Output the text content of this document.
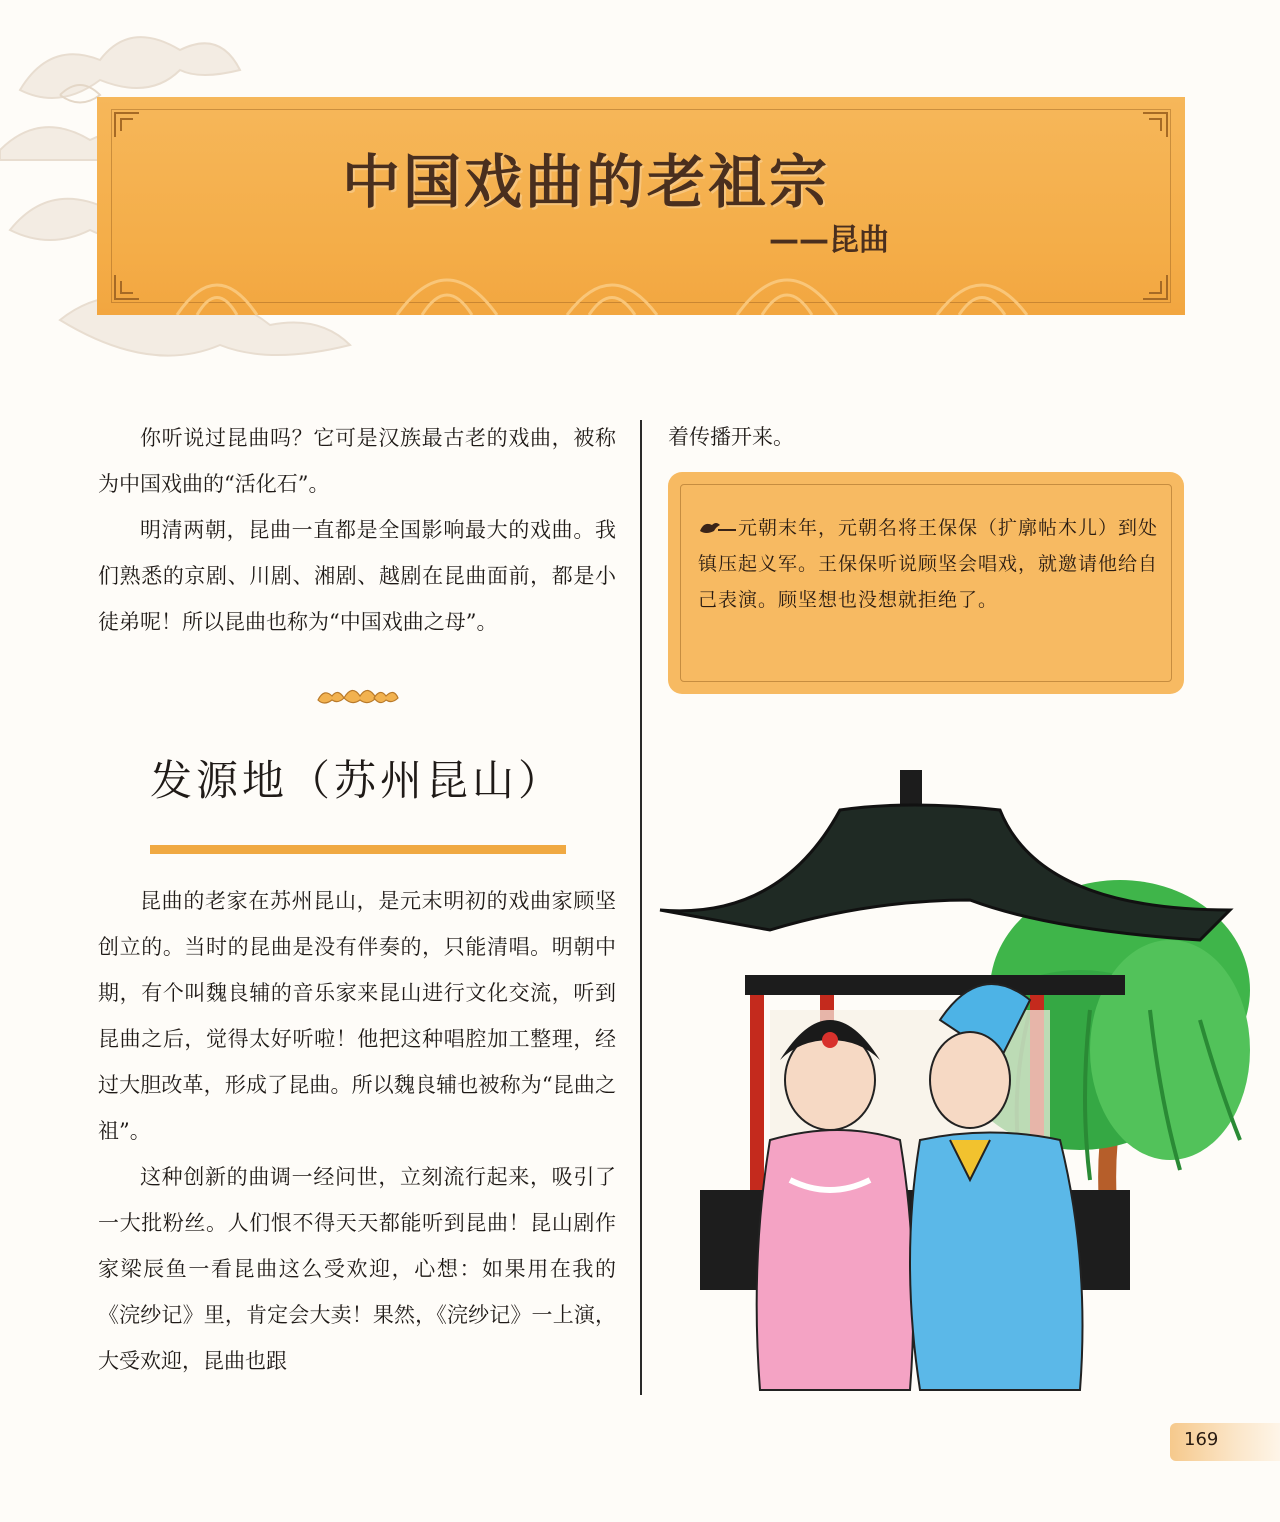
中国戏曲的老祖宗
——昆曲

你听说过昆曲吗？它可是汉族最古老的戏曲，被称为中国戏曲的“活化石”。

明清两朝，昆曲一直都是全国影响最大的戏曲。我们熟悉的京剧、川剧、湘剧、越剧在昆曲面前，都是小徒弟呢！所以昆曲也称为“中国戏曲之母”。

发源地（苏州昆山）

昆曲的老家在苏州昆山，是元末明初的戏曲家顾坚创立的。当时的昆曲是没有伴奏的，只能清唱。明朝中期，有个叫魏良辅的音乐家来昆山进行文化交流，听到昆曲之后，觉得太好听啦！他把这种唱腔加工整理，经过大胆改革，形成了昆曲。所以魏良辅也被称为“昆曲之祖”。

这种创新的曲调一经问世，立刻流行起来，吸引了一大批粉丝。人们恨不得天天都能听到昆曲！昆山剧作家梁辰鱼一看昆曲这么受欢迎，心想：如果用在我的《浣纱记》里，肯定会大卖！果然，《浣纱记》一上演，大受欢迎，昆曲也跟

着传播开来。

元朝末年，元朝名将王保保（扩廓帖木儿）到处镇压起义军。王保保听说顾坚会唱戏，就邀请他给自己表演。顾坚想也没想就拒绝了。

169
